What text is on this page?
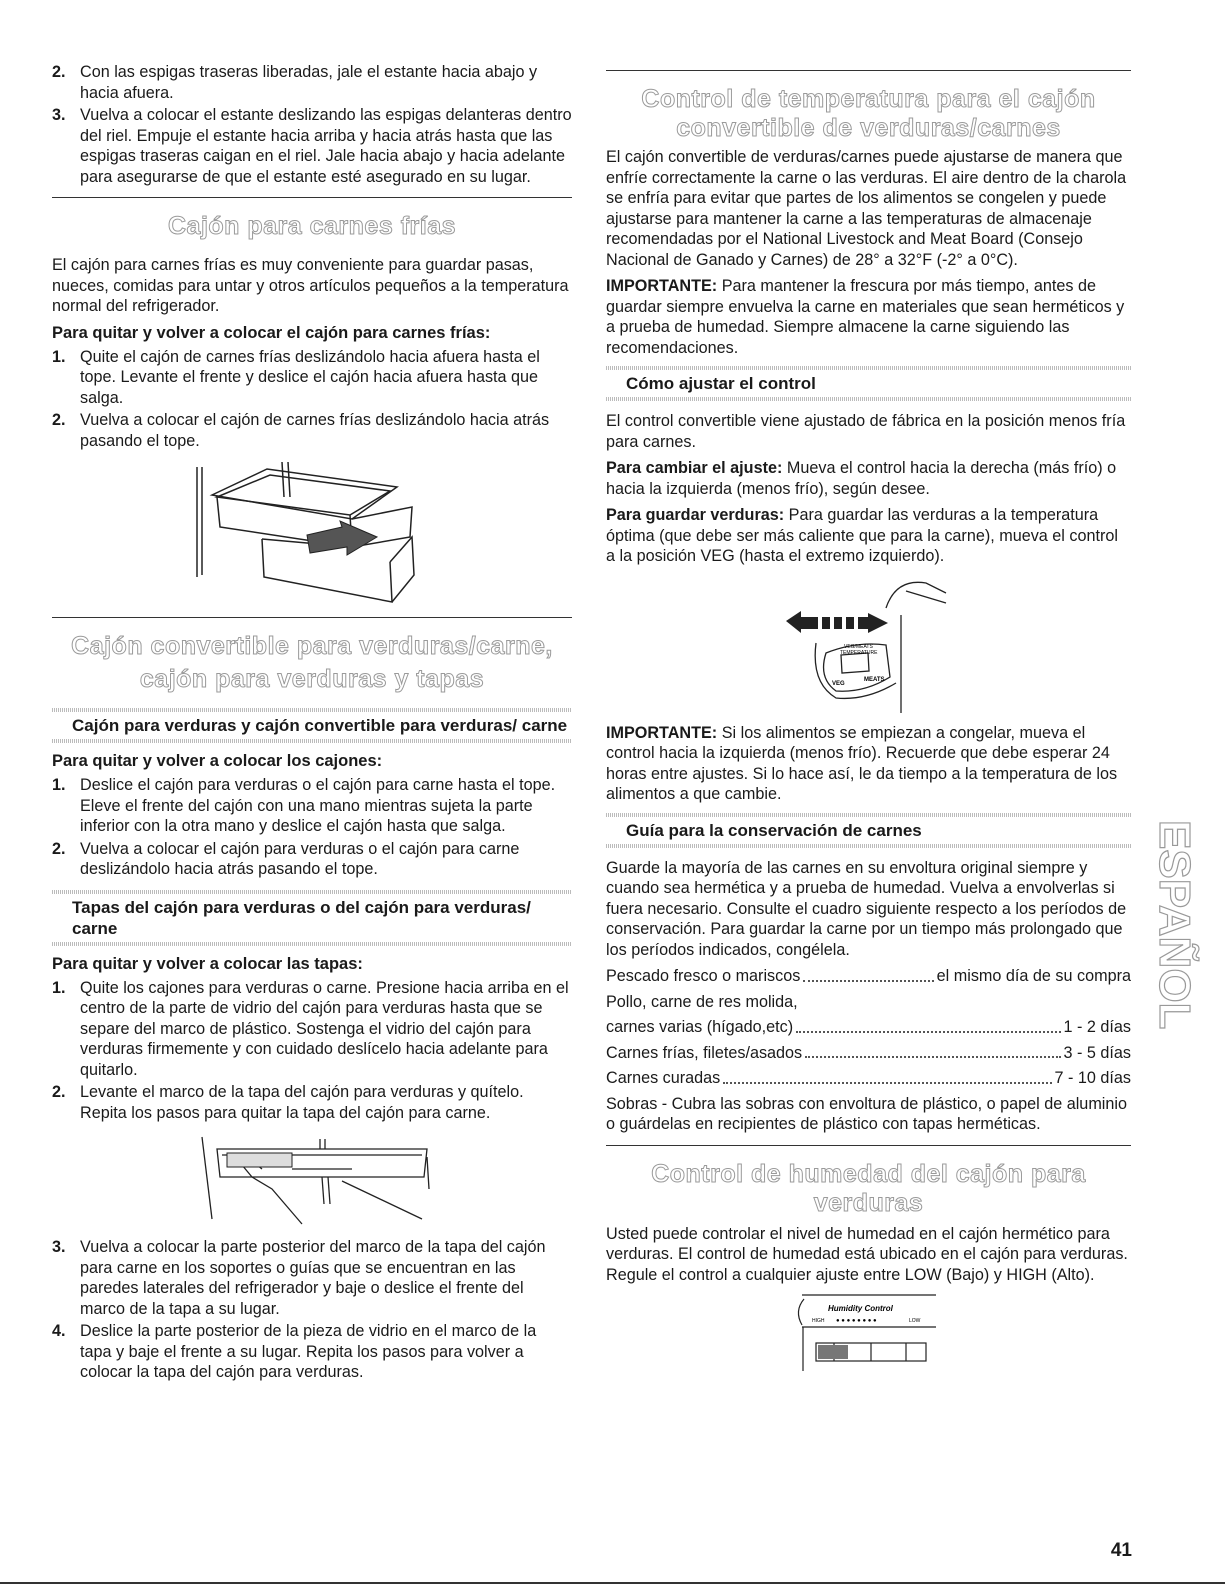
2. Con las espigas traseras liberadas, jale el estante hacia abajo y hacia afuera.
3. Vuelva a colocar el estante deslizando las espigas delanteras dentro del riel. Empuje el estante hacia arriba y hacia atrás hasta que las espigas traseras caigan en el riel. Jale hacia abajo y hacia adelante para asegurarse de que el estante esté asegurado en su lugar.
Cajón para carnes frías

El cajón para carnes frías es muy conveniente para guardar pasas, nueces, comidas para untar y otros artículos pequeños a la temperatura normal del refrigerador.

Para quitar y volver a colocar el cajón para carnes frías:
1. Quite el cajón de carnes frías deslizándolo hacia afuera hasta el tope. Levante el frente y deslice el cajón hacia afuera hasta que salga.
2. Vuelva a colocar el cajón de carnes frías deslizándolo hacia atrás pasando el tope.
Cajón convertible para verduras/carne,
cajón para verduras y tapas
Cajón para verduras y cajón convertible para verduras/ carne
Para quitar y volver a colocar los cajones:
1. Deslice el cajón para verduras o el cajón para carne hasta el tope. Eleve el frente del cajón con una mano mientras sujeta la parte inferior con la otra mano y deslice el cajón hasta que salga.
2. Vuelva a colocar el cajón para verduras o el cajón para carne deslizándolo hacia atrás pasando el tope.
Tapas del cajón para verduras o del cajón para verduras/ carne
Para quitar y volver a colocar las tapas:
1. Quite los cajones para verduras o carne. Presione hacia arriba en el centro de la parte de vidrio del cajón para verduras hasta que se separe del marco de plástico. Sostenga el vidrio del cajón para verduras firmemente y con cuidado deslícelo hacia adelante para quitarlo.
2. Levante el marco de la tapa del cajón para verduras y quítelo. Repita los pasos para quitar la tapa del cajón para carne.
3. Vuelva a colocar la parte posterior del marco de la tapa del cajón para carne en los soportes o guías que se encuentran en las paredes laterales del refrigerador y baje o deslice el frente del marco de la tapa a su lugar.
4. Deslice la parte posterior de la pieza de vidrio en el marco de la tapa y baje el frente a su lugar. Repita los pasos para volver a colocar la tapa del cajón para verduras.
Control de temperatura para el cajón
convertible de verduras/carnes

El cajón convertible de verduras/carnes puede ajustarse de manera que enfríe correctamente la carne o las verduras. El aire dentro de la charola se enfría para evitar que partes de los alimentos se congelen y puede ajustarse para mantener la carne a las temperaturas de almacenaje recomendadas por el National Livestock and Meat Board (Consejo Nacional de Ganado y Carnes) de 28° a 32°F (-2° a 0°C).

IMPORTANTE: Para mantener la frescura por más tiempo, antes de guardar siempre envuelva la carne en materiales que sean herméticos y a prueba de humedad. Siempre almacene la carne siguiendo las recomendaciones.

Cómo ajustar el control

El control convertible viene ajustado de fábrica en la posición menos fría para carnes.

Para cambiar el ajuste: Mueva el control hacia la derecha (más frío) o hacia la izquierda (menos frío), según desee.

Para guardar verduras: Para guardar las verduras a la temperatura óptima (que debe ser más caliente que para la carne), mueva el control a la posición VEG (hasta el extremo izquierdo).

VEG/MEATS
TEMPERATURE
VEG
MEATS

IMPORTANTE: Si los alimentos se empiezan a congelar, mueva el control hacia la izquierda (menos frío). Recuerde que debe esperar 24 horas entre ajustes. Si lo hace así, le da tiempo a la temperatura de los alimentos a que cambie.

Guía para la conservación de carnes

Guarde la mayoría de las carnes en su envoltura original siempre y cuando sea hermética y a prueba de humedad. Vuelva a envolverlas si fuera necesario. Consulte el cuadro siguiente respecto a los períodos de conservación. Para guardar la carne por un tiempo más prolongado que los períodos indicados, congélela.

Pescado fresco o mariscos	el mismo día de su compra
Pollo, carne de res molida,
carnes varias (hígado,etc)	1 - 2 días
Carnes frías, filetes/asados	3 - 5 días
Carnes curadas	7 - 10 días

Sobras - Cubra las sobras con envoltura de plástico, o papel de aluminio o guárdelas en recipientes de plástico con tapas herméticas.

Control de humedad del cajón para
verduras

Usted puede controlar el nivel de humedad en el cajón hermético para verduras. El control de humedad está ubicado en el cajón para verduras. Regule el control a cualquier ajuste entre LOW (Bajo) y HIGH (Alto).

Humidity Control
HIGH ● ● ● ● ● ● ● ●	LOW
ESPAÑOL
41
